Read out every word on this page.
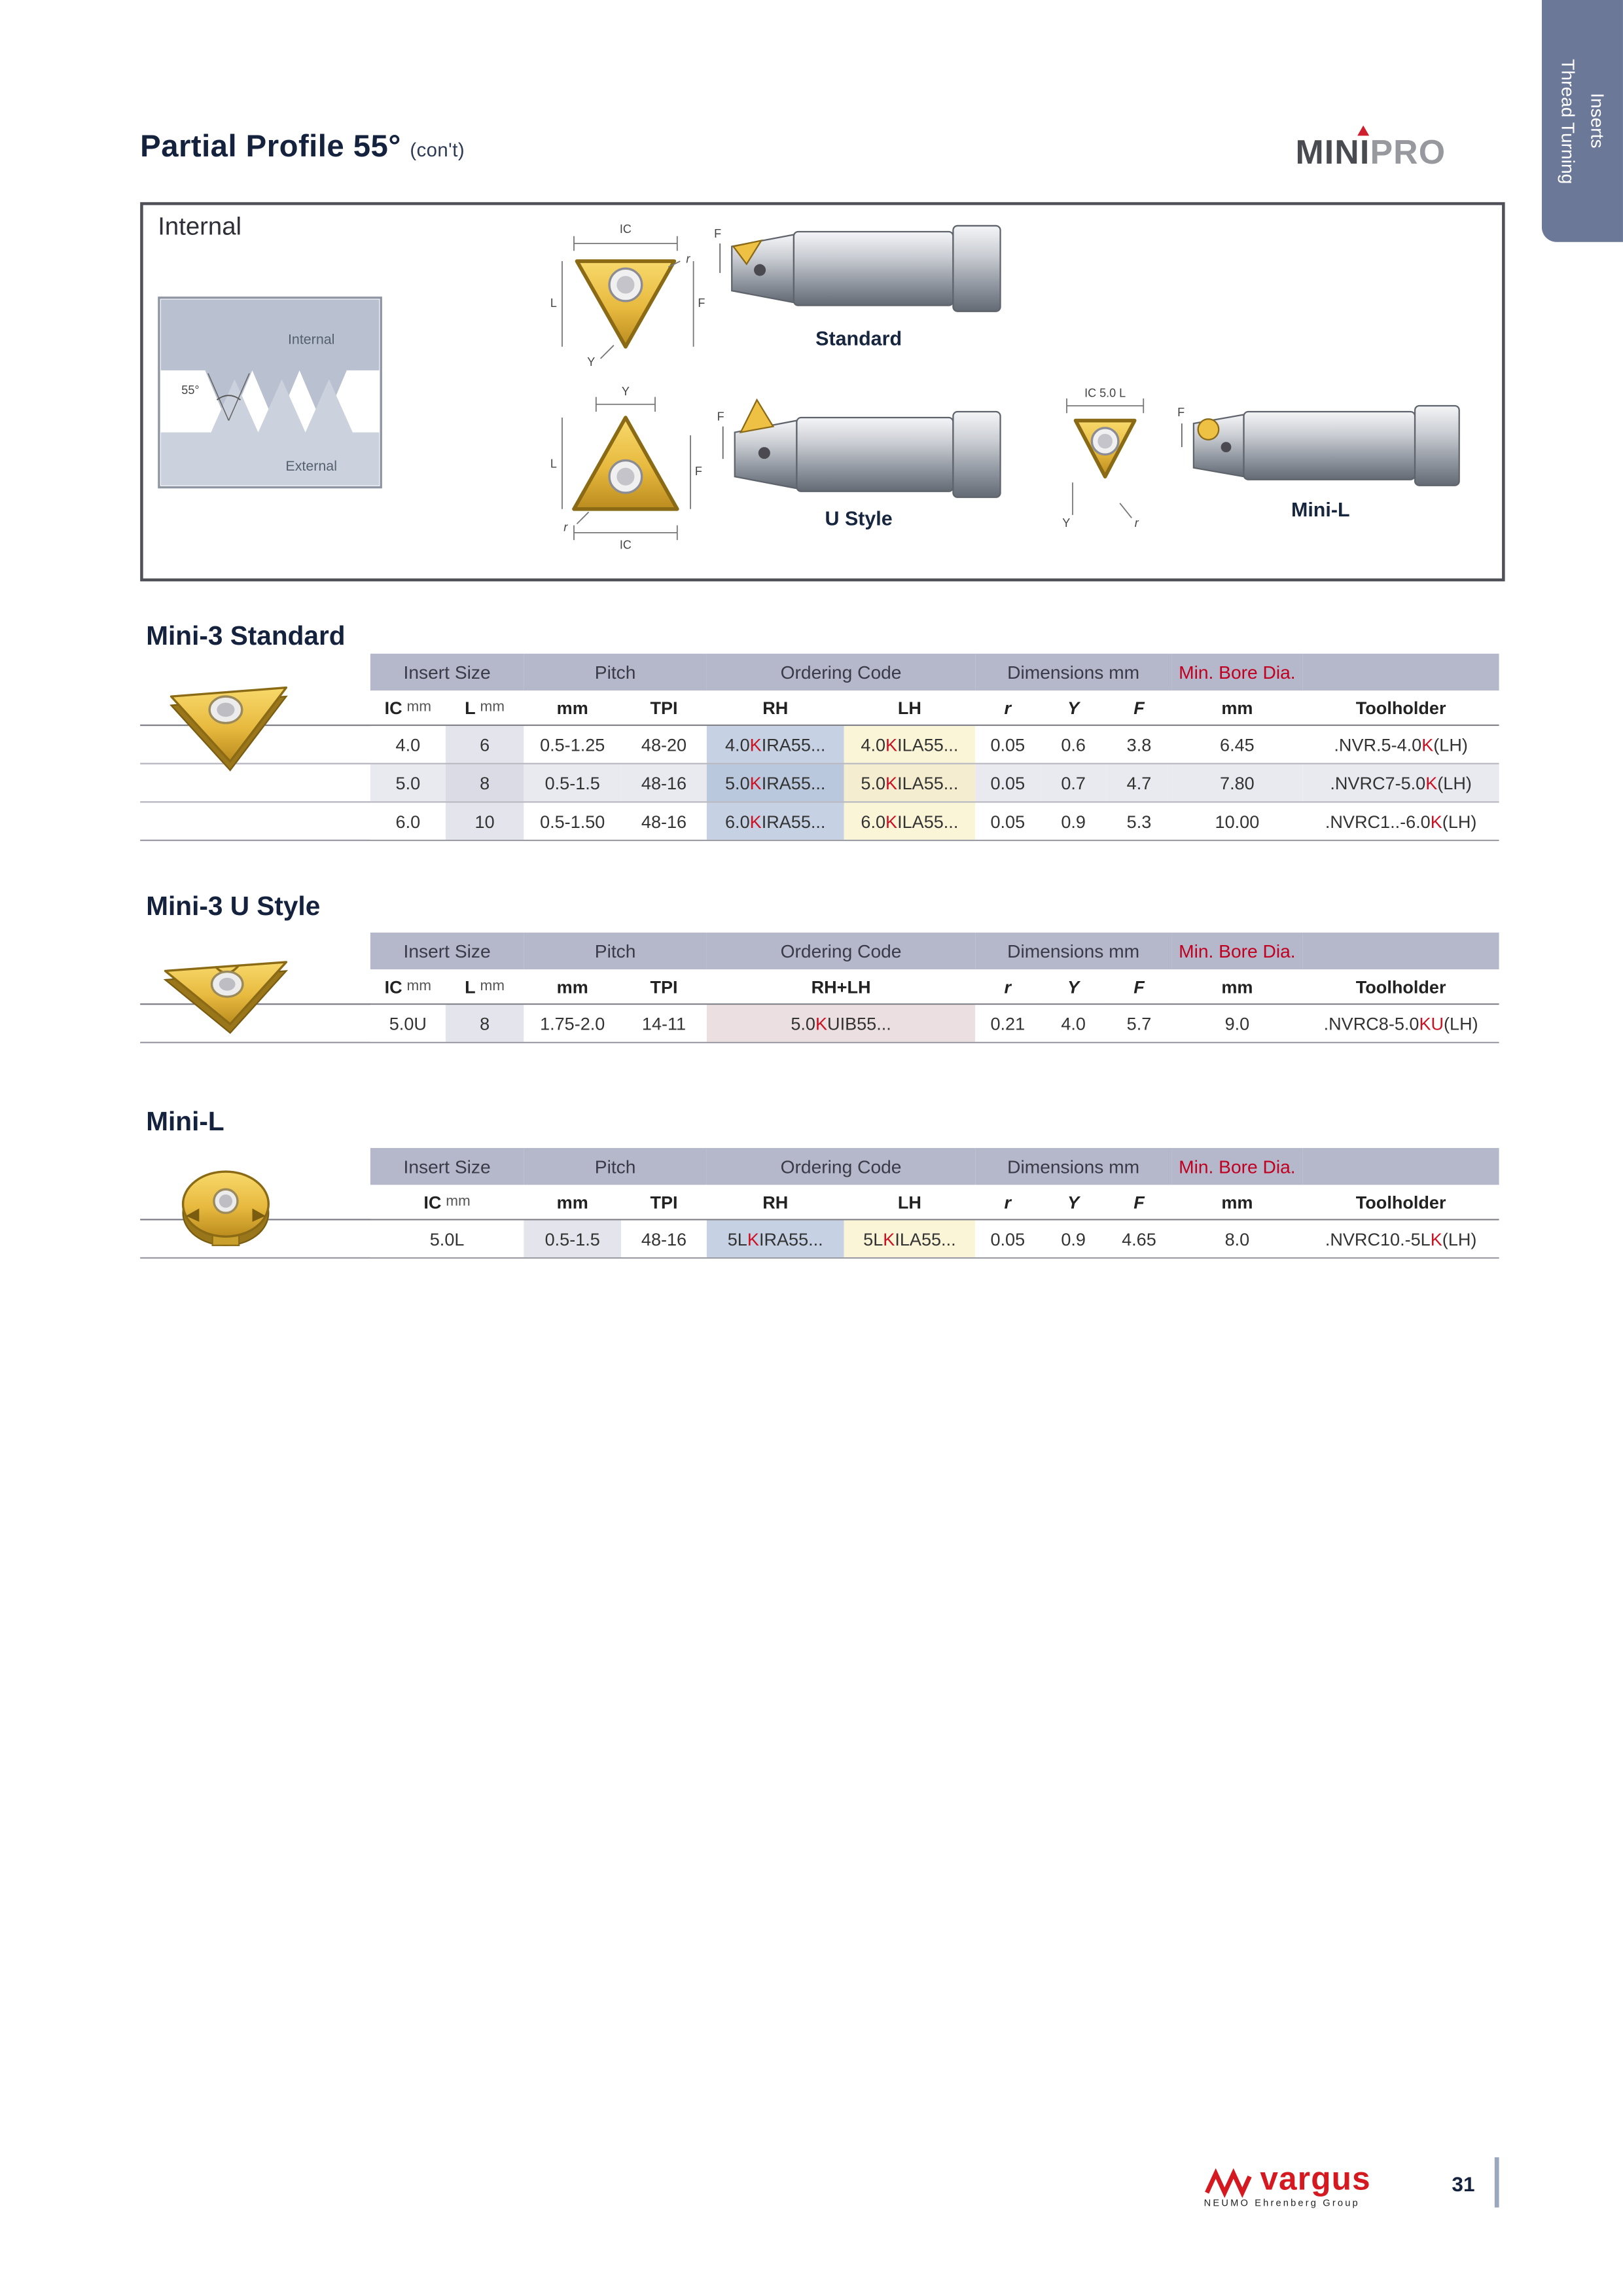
Partial Profile 55° (con't)	MINIPRO	Thread Turning	Inserts
Internal
Internal
External
55°
IC
r
F
L
Y
F
Standard
Y
L
F
r
IC
F
U Style
IC 5.0 L
Y	r
F
Mini-L
Mini-3 Standard
Insert Size	Pitch	Ordering Code	Dimensions mm	Min. Bore Dia.
IC mm	L mm	mm	TPI	RH	LH	r	Y	F	mm	Toolholder
4.0	6	0.5-1.25	48-20	4.0 K IRA55...	4.0 K ILA55...	0.05	0.6	3.8	6.45	.NVR.5-4.0 K (LH)
5.0	8	0.5-1.5	48-16	5.0 K IRA55...	5.0 K ILA55...	0.05	0.7	4.7	7.80	.NVRC7-5.0 K (LH)
6.0	10	0.5-1.50	48-16	6.0 K IRA55...	6.0 K ILA55...	0.05	0.9	5.3	10.00	.NVRC1..-6.0 K (LH)
Mini-3 U Style
Insert Size	Pitch	Ordering Code	Dimensions mm	Min. Bore Dia.
IC mm	L mm	mm	TPI	RH+LH	r	Y	F	mm	Toolholder
5.0U	8	1.75-2.0	14-11	5.0 K UIB55...	0.21	4.0	5.7	9.0	.NVRC8-5.0 KU (LH)
Mini-L
Insert Size	Pitch	Ordering Code	Dimensions mm	Min. Bore Dia.
IC mm	mm	TPI	RH	LH	r	Y	F	mm	Toolholder
5.0L	0.5-1.5	48-16	5L K IRA55...	5L K ILA55...	0.05	0.9	4.65	8.0	.NVRC10.-5L K (LH)
vargus
NEUMO Ehrenberg Group
31
